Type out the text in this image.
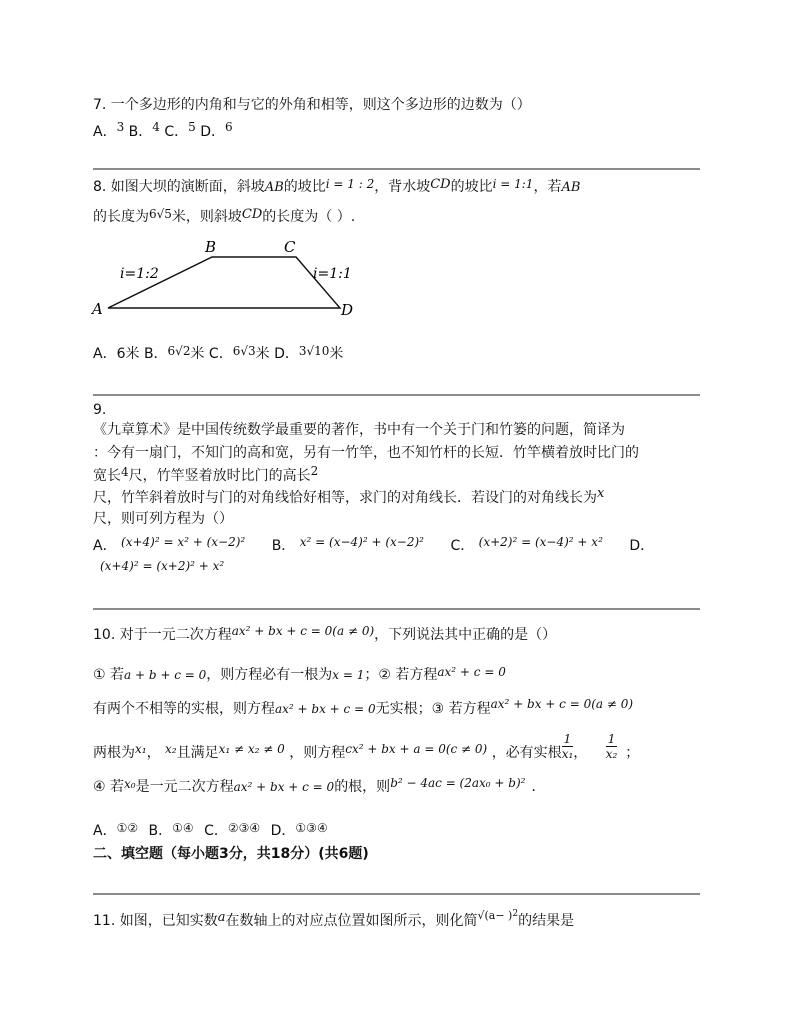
7. 一个多边形的内角和与它的外角和相等，则这个多边形的边数为（）
A．3 B．4 C．5 D．6
8. 如图大坝的演断面，斜坡AB的坡比i = 1 : 2，背水坡CD的坡比i = 1:1，若AB
的长度为6√5米，则斜坡CD的长度为（ ）.
A
B	C
D
i=1:2	i=1:1
A．6米 B．6√2米 C．6√3米 D．3√10米
9.
《九章算术》是中国传统数学最重要的著作，书中有一个关于门和竹篓的问题，简译为
：今有一扇门，不知门的高和宽，另有一竹竿，也不知竹杆的长短．竹竿横着放时比门的
宽长4尺，竹竿竖着放时比门的高长2
尺，竹竿斜着放时与门的对角线恰好相等，求门的对角线长．若设门的对角线长为x
尺，则可列方程为（）
A． (x+4)² = x² + (x−2)² B． x² = (x−4)² + (x−2)² C． (x+2)² = (x−4)² + x² D．
(x+4)² = (x+2)² + x²
10. 对于一元二次方程ax² + bx + c = 0(a ≠ 0)，下列说法其中正确的是（）
① 若a + b + c = 0，则方程必有一根为x = 1；② 若方程ax² + c = 0
有两个不相等的实根，则方程ax² + bx + c = 0无实根；③ 若方程ax² + bx + c = 0(a ≠ 0)
两根为x₁， x₂且满足x₁ ≠ x₂ ≠ 0 ，则方程cx² + bx + a = 0(c ≠ 0) ，必有实根 $\frac{1}{\text{x₁}}$ ， $\frac{1}{\text{x₂}}$ ；
④ 若x₀是一元二次方程ax² + bx + c = 0的根，则b² − 4ac = (2ax₀ + b)² ．
A．①② B．①④ C．②③④ D．①③④
二、填空题（每小题3分，共18分）(共6题)
11. 如图，已知实数a在数轴上的对应点位置如图所示，则化简$^{√(a- )2}$的结果是
